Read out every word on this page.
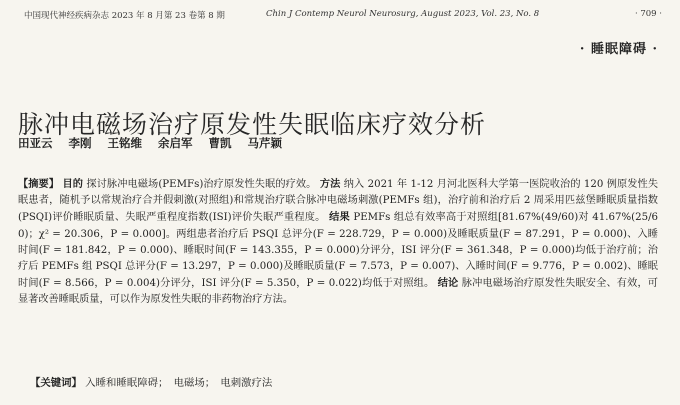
中国现代神经疾病杂志 2023 年 8 月第 23 卷第 8 期	Chin J Contemp Neurol Neurosurg, August 2023, Vol. 23, No. 8	· 709 ·
· 睡眠障碍 ·
脉冲电磁场治疗原发性失眠临床疗效分析
田亚云 李刚 王铭维 余启军 曹凯 马芹颖
【摘要】 目的 探讨脉冲电磁场(PEMFs)治疗原发性失眠的疗效。 方法 纳入 2021 年 1-12 月河北医科大学第一医院收治的 120 例原发性失眠患者，随机予以常规治疗合并假刺激(对照组)和常规治疗联合脉冲电磁场刺激(PEMFs 组)，治疗前和治疗后 2 周采用匹兹堡睡眠质量指数(PSQI)评价睡眠质量、失眠严重程度指数(ISI)评价失眠严重程度。 结果 PEMFs 组总有效率高于对照组[81.67%(49/60)对 41.67%(25/60)；χ² = 20.306，P = 0.000]。两组患者治疗后 PSQI 总评分(F = 228.729，P = 0.000)及睡眠质量(F = 87.291，P = 0.000)、入睡时间(F = 181.842，P = 0.000)、睡眠时间(F = 143.355，P = 0.000)分评分，ISI 评分(F = 361.348，P = 0.000)均低于治疗前；治疗后 PEMFs 组 PSQI 总评分(F = 13.297，P = 0.000)及睡眠质量(F = 7.573，P = 0.007)、入睡时间(F = 9.776，P = 0.002)、睡眠时间(F = 8.566，P = 0.004)分评分，ISI 评分(F = 5.350，P = 0.022)均低于对照组。 结论 脉冲电磁场治疗原发性失眠安全、有效，可显著改善睡眠质量，可以作为原发性失眠的非药物治疗方法。
【关键词】 入睡和睡眠障碍；　电磁场；　电刺激疗法
